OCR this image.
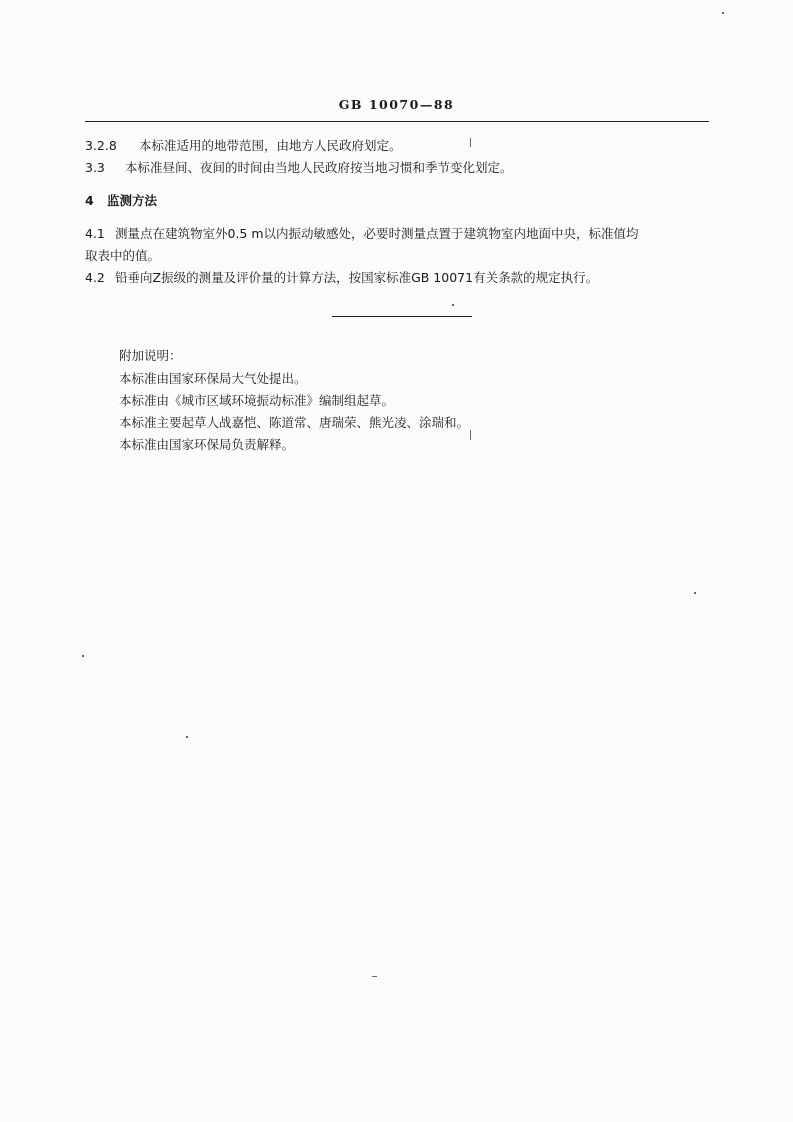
GB 10070—88
3.2.8 本标准适用的地带范围，由地方人民政府划定。
3.3 本标准昼间、夜间的时间由当地人民政府按当地习惯和季节变化划定。
4 监测方法
4.1 测量点在建筑物室外0.5 m以内振动敏感处，必要时测量点置于建筑物室内地面中央，标准值均
取表中的值。
4.2 铅垂向Z振级的测量及评价量的计算方法，按国家标准GB 10071有关条款的规定执行。
附加说明：
本标准由国家环保局大气处提出。
本标准由《城市区域环境振动标准》编制组起草。
本标准主要起草人战嘉恺、陈道常、唐瑞荣、熊光凌、涂瑞和。
本标准由国家环保局负责解释。
